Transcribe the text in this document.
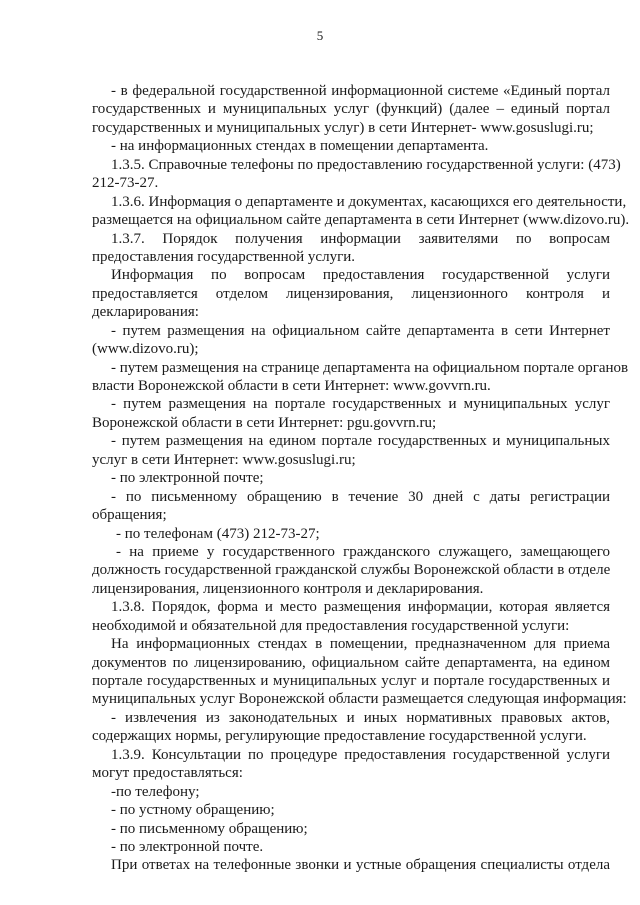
5
- в федеральной государственной информационной системе «Единый портал
государственных и муниципальных услуг (функций) (далее – единый портал
государственных и муниципальных услуг) в сети Интернет- www.gosuslugi.ru;
- на информационных стендах в помещении департамента.
1.3.5. Справочные телефоны по предоставлению государственной услуги: (473)
212-73-27.
1.3.6. Информация о департаменте и документах, касающихся его деятельности,
размещается на официальном сайте департамента в сети Интернет (www.dizovo.ru).
1.3.7. Порядок получения информации заявителями по вопросам
предоставления государственной услуги.
Информация по вопросам предоставления государственной услуги
предоставляется отделом лицензирования, лицензионного контроля и
декларирования:
- путем размещения на официальном сайте департамента в сети Интернет
(www.dizovo.ru);
- путем размещения на странице департамента на официальном портале органов
власти Воронежской области в сети Интернет: www.govvrn.ru.
- путем размещения на портале государственных и муниципальных услуг
Воронежской области в сети Интернет: pgu.govvrn.ru;
- путем размещения на едином портале государственных и муниципальных
услуг в сети Интернет: www.gosuslugi.ru;
- по электронной почте;
- по письменному обращению в течение 30 дней с даты регистрации
обращения;
- по телефонам (473) 212-73-27;
- на приеме у государственного гражданского служащего, замещающего
должность государственной гражданской службы Воронежской области в отделе
лицензирования, лицензионного контроля и декларирования.
1.3.8. Порядок, форма и место размещения информации, которая является
необходимой и обязательной для предоставления государственной услуги:
На информационных стендах в помещении, предназначенном для приема
документов по лицензированию, официальном сайте департамента, на едином
портале государственных и муниципальных услуг и портале государственных и
муниципальных услуг Воронежской области размещается следующая информация:
- извлечения из законодательных и иных нормативных правовых актов,
содержащих нормы, регулирующие предоставление государственной услуги.
1.3.9. Консультации по процедуре предоставления государственной услуги
могут предоставляться:
-по телефону;
- по устному обращению;
- по письменному обращению;
- по электронной почте.
При ответах на телефонные звонки и устные обращения специалисты отдела
